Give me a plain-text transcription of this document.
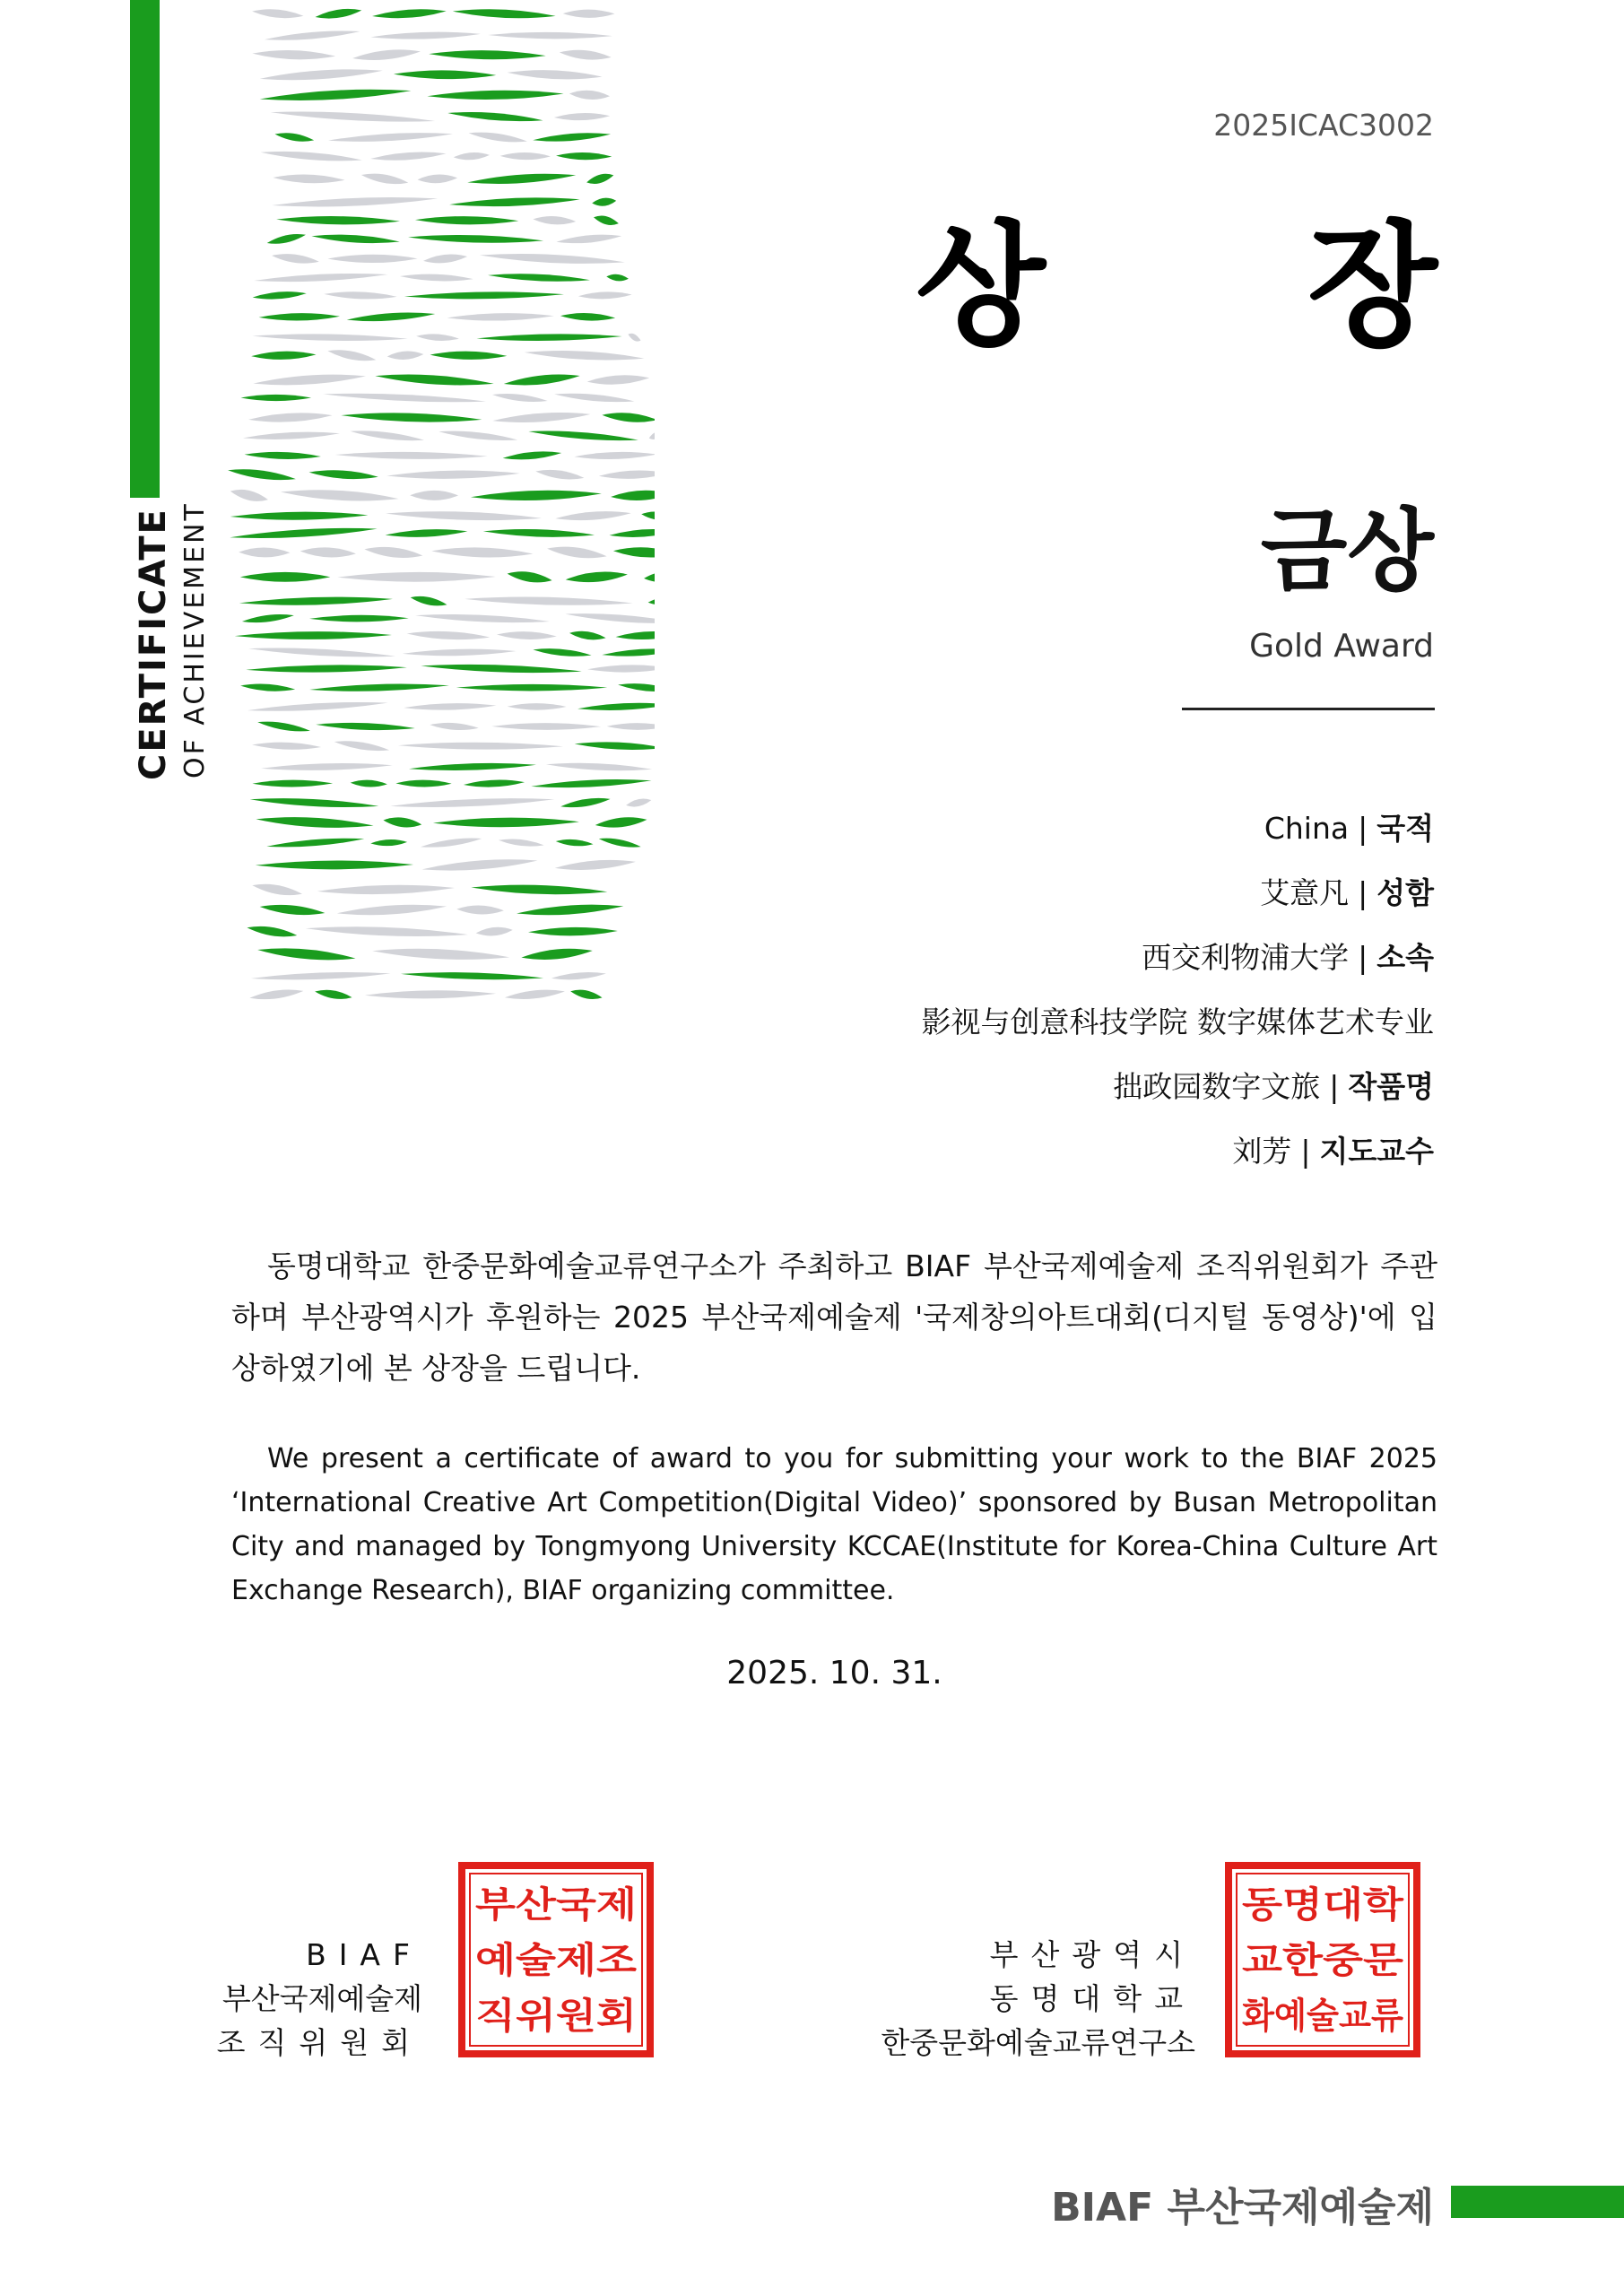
CERTIFICATE OF ACHIEVEMENT
2025ICAC3002
상 장
금상
Gold Award
China | 국적
艾意凡 | 성함
西交利物浦大学 | 소속
影视与创意科技学院 数字媒体艺术专业
拙政园数字文旅 | 작품명
刘芳 | 지도교수
동명대학교 한중문화예술교류연구소가 주최하고 BIAF 부산국제예술제 조직위원회가 주관하며 부산광역시가 후원하는 2025 부산국제예술제 '국제창의아트대회(디지털 동영상)'에 입상하였기에 본 상장을 드립니다.
We present a certificate of award to you for submitting your work to the BIAF 2025 ‘International Creative Art Competition(Digital Video)’ sponsored by Busan Metropolitan City and managed by Tongmyong University KCCAE(Institute for Korea-China Culture Art Exchange Research), BIAF organizing committee.
2025. 10. 31.
BIAF
부산국제예술제
조직위원회
부산광역시
동명대학교
한중문화예술교류연구소
부산국제
예술제조
직위원회
동명대학
교한중문
화예술교류
BIAF 부산국제예술제
